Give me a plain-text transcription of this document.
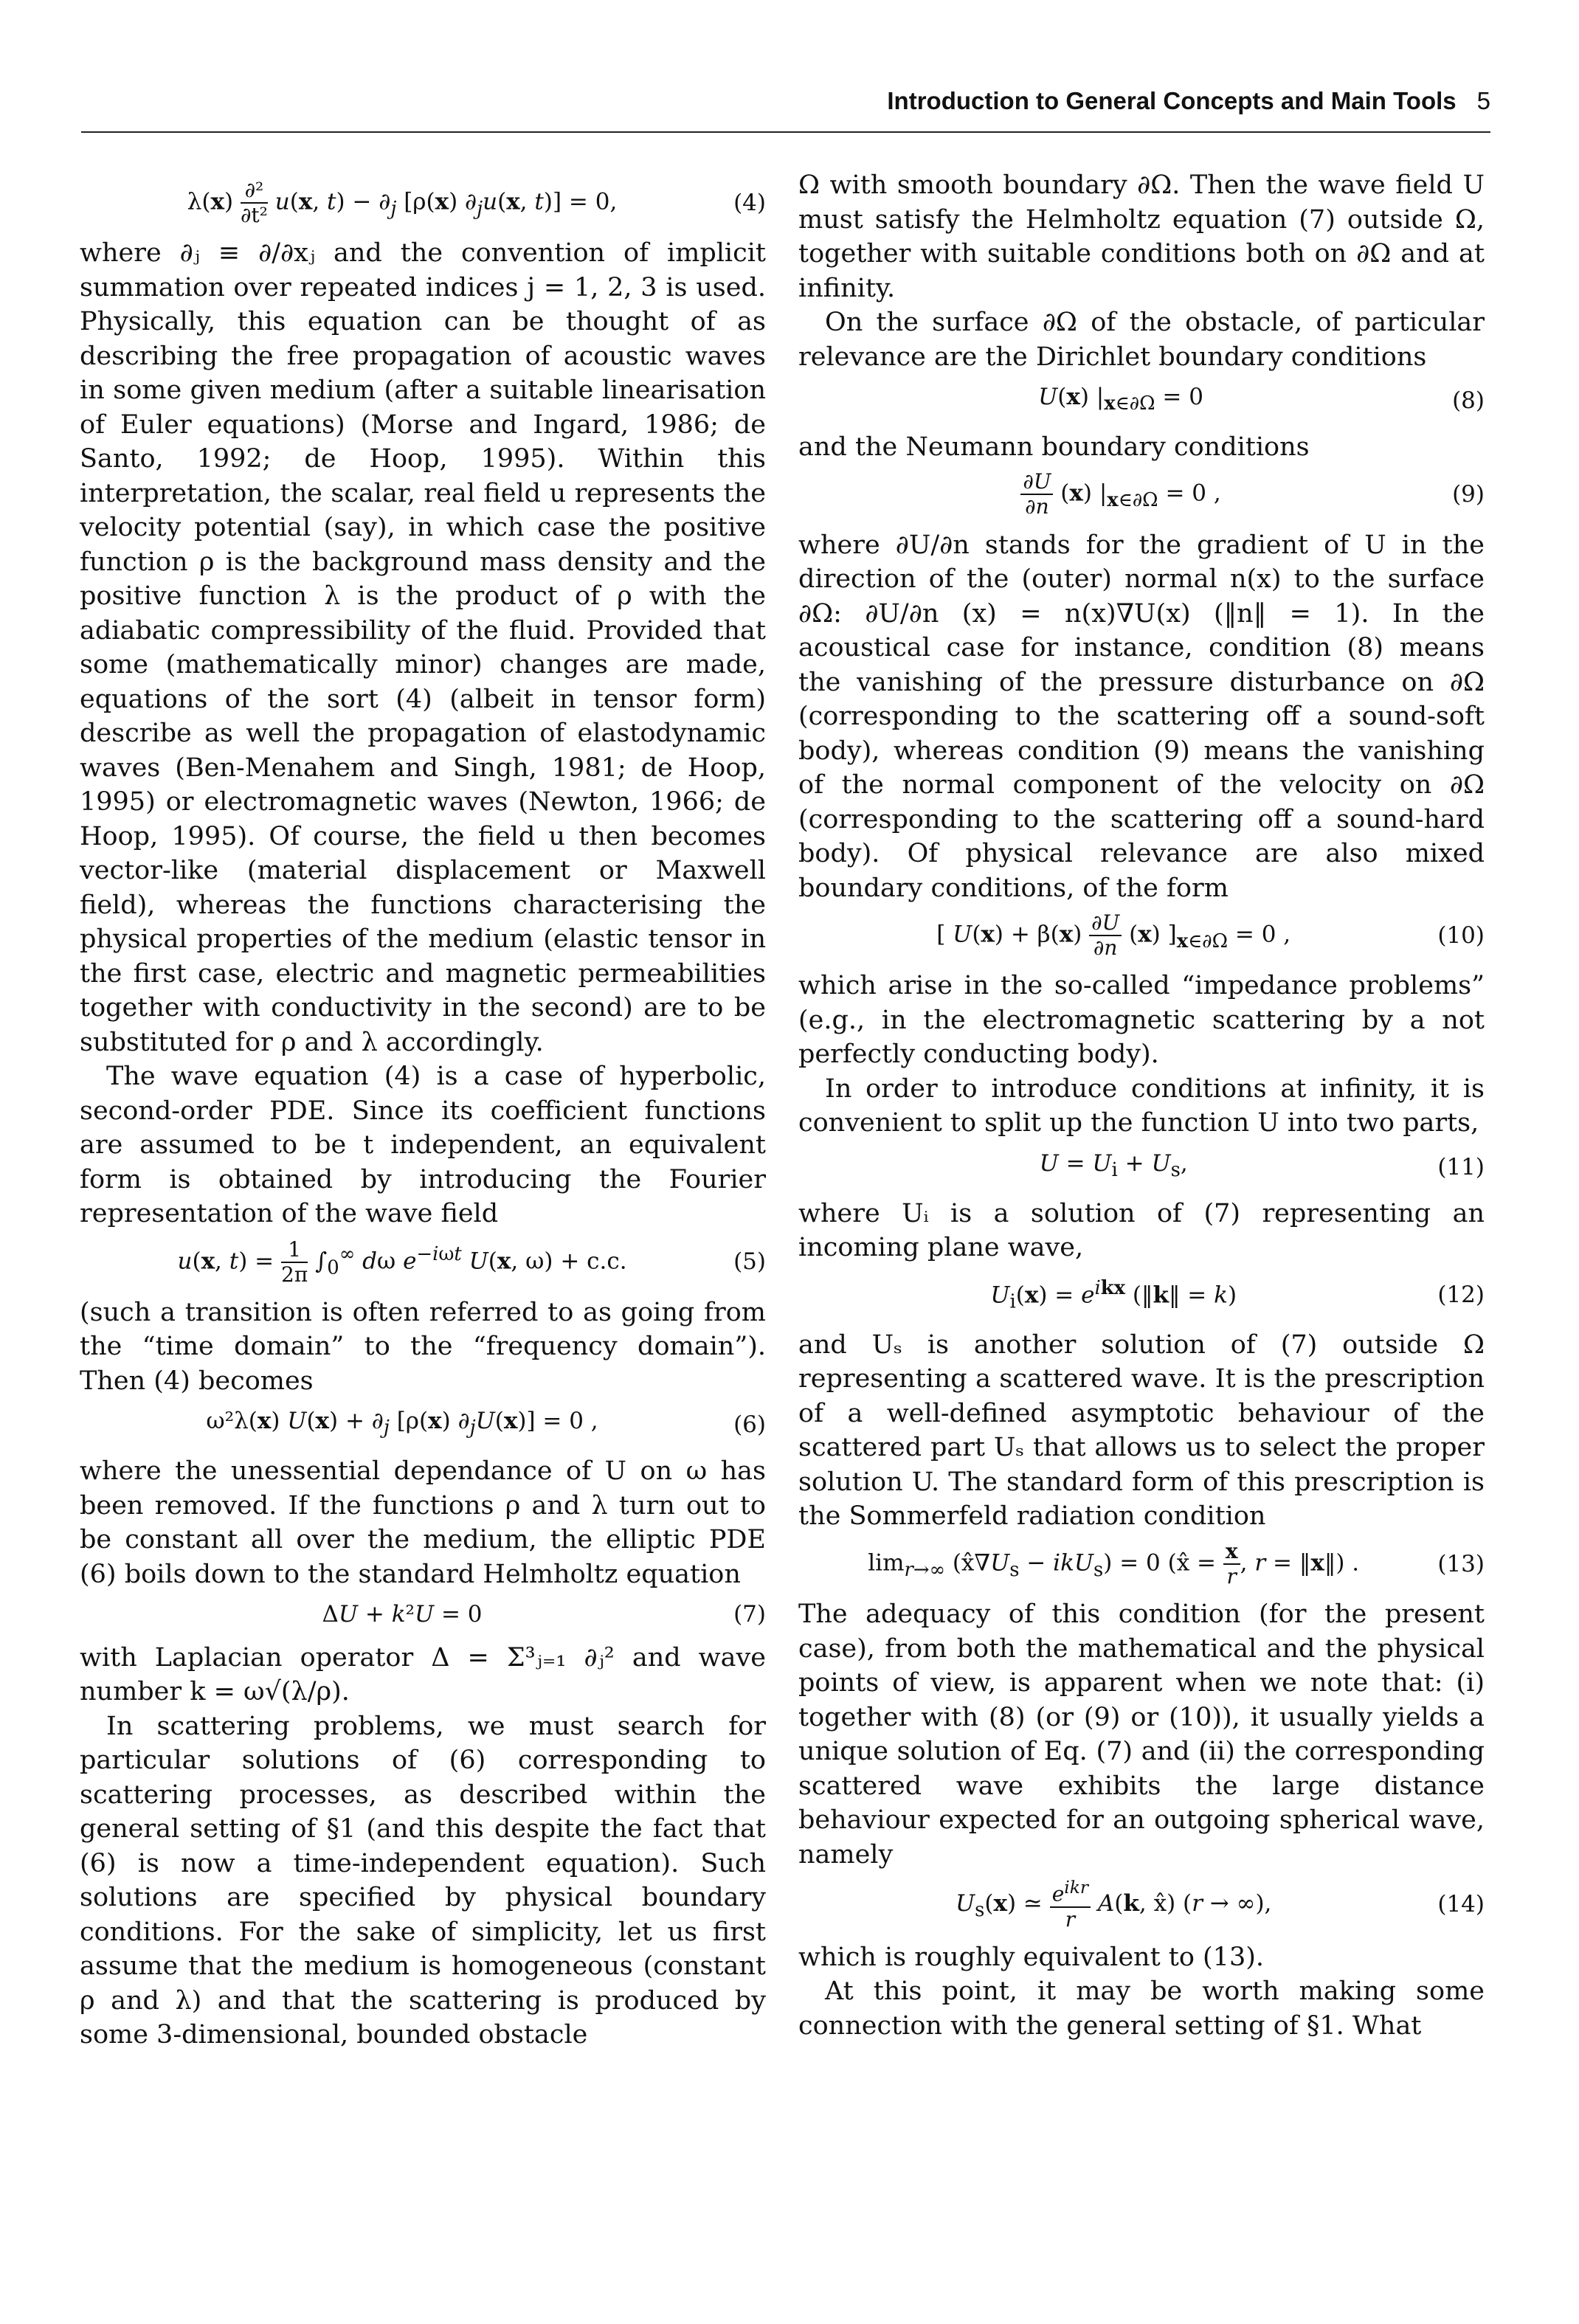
Introduction to General Concepts and Main Tools 5
$\lambda(x) \frac{\text{∂²}}{\text{∂t²}} u(x$, $t) - \partial_j$ [ρ(x) $\partial_ju(x$, t)] = 0,	(4)

where ∂ⱼ ≡ ∂/∂xⱼ and the convention of implicit summation over repeated indices j = 1, 2, 3 is used. Physically, this equation can be thought of as describing the free propagation of acoustic waves in some given medium (after a suitable linearisation of Euler equations) (Morse and Ingard, 1986; de Santo, 1992; de Hoop, 1995). Within this interpretation, the scalar, real field u represents the velocity potential (say), in which case the positive function ρ is the background mass density and the positive function λ is the product of ρ with the adiabatic compressibility of the fluid. Provided that some (mathematically minor) changes are made, equations of the sort (4) (albeit in tensor form) describe as well the propagation of elastodynamic waves (Ben-Menahem and Singh, 1981; de Hoop, 1995) or electromagnetic waves (Newton, 1966; de Hoop, 1995). Of course, the field u then becomes vector-like (material displacement or Maxwell field), whereas the functions characterising the physical properties of the medium (elastic tensor in the first case, electric and magnetic permeabilities together with conductivity in the second) are to be substituted for ρ and λ accordingly.

The wave equation (4) is a case of hyperbolic, second-order PDE. Since its coefficient functions are assumed to be t independent, an equivalent form is obtained by introducing the Fourier representation of the wave field

u(x, $t) = \frac{1}{2\pi} \int_0^\infty$ dω $e^{-i\omega t}$ U(x, ω) + c.c.	(5)

(such a transition is often referred to as going from the “time domain” to the “frequency domain”). Then (4) becomes

ω²λ(x) $U(x) + \partial_j$ [ρ(x) $\partial_jU(x)] = 0$ ,	(6)

where the unessential dependance of U on ω has been removed. If the functions ρ and λ turn out to be constant all over the medium, the elliptic PDE (6) boils down to the standard Helmholtz equation

ΔU + k²U = 0	(7)

with Laplacian operator Δ = Σ³ⱼ₌₁ ∂ⱼ² and wave number k = ω√(λ/ρ).

In scattering problems, we must search for particular solutions of (6) corresponding to scattering processes, as described within the general setting of §1 (and this despite the fact that (6) is now a time-independent equation). Such solutions are specified by physical boundary conditions. For the sake of simplicity, let us first assume that the medium is homogeneous (constant ρ and λ) and that the scattering is produced by some 3-dimensional, bounded obstacle

Ω with smooth boundary ∂Ω. Then the wave field U must satisfy the Helmholtz equation (7) outside Ω, together with suitable conditions both on ∂Ω and at infinity.

On the surface ∂Ω of the obstacle, of particular relevance are the Dirichlet boundary conditions

U(x) $|_{x\in\partial\Omega} = 0$	(8)

and the Neumann boundary conditions

$\frac{\partial U}{\partial n} (x) |_{x\in\partial\Omega} = 0$ ,	(9)

where ∂U/∂n stands for the gradient of U in the direction of the (outer) normal n(x) to the surface ∂Ω: ∂U/∂n (x) = n(x)∇U(x) (‖n‖ = 1). In the acoustical case for instance, condition (8) means the vanishing of the pressure disturbance on ∂Ω (corresponding to the scattering off a sound-soft body), whereas condition (9) means the vanishing of the normal component of the velocity on ∂Ω (corresponding to the scattering off a sound-hard body). Of physical relevance are also mixed boundary conditions, of the form

[ $U(x) + \beta(x) \frac{\partial U}{\partial n} (x) ]_{x\in\partial\Omega} = 0$ ,	(10)

which arise in the so-called “impedance problems” (e.g., in the electromagnetic scattering by a not perfectly conducting body).

In order to introduce conditions at infinity, it is convenient to split up the function U into two parts,

$U = U_i + U_s$,	(11)

where Uᵢ is a solution of (7) representing an incoming plane wave,

$U_i(x) = e^{ikx}$ (‖k‖ = k)	(12)

and Uₛ is another solution of (7) outside Ω representing a scattered wave. It is the prescription of a well-defined asymptotic behaviour of the scattered part Uₛ that allows us to select the proper solution U. The standard form of this prescription is the Sommerfeld radiation condition

$\lim_{r\to\infty}$ $(x̂\nabla U_s - ikU_s) = 0$ (x̂ = $\frac{x}{r}$ , r = ‖x‖) .	(13)

The adequacy of this condition (for the present case), from both the mathematical and the physical points of view, is apparent when we note that: (i) together with (8) (or (9) or (10)), it usually yields a unique solution of Eq. (7) and (ii) the corresponding scattered wave exhibits the large distance behaviour expected for an outgoing spherical wave, namely

$U_s(x)$ ≃ $\frac{e^{ikr}}{r} A(k$, x̂) (r → ∞),	(14)

which is roughly equivalent to (13).

At this point, it may be worth making some connection with the general setting of §1. What
